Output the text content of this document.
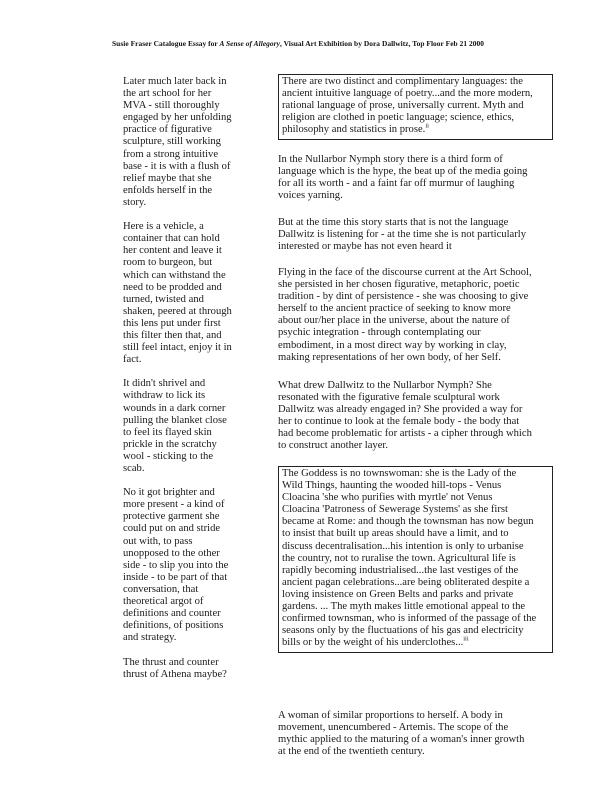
Susie Fraser Catalogue Essay for A Sense of Allegory, Visual Art Exhibition by Dora Dallwitz, Top Floor Feb 21 2000

Later much later back in
the art school for her
MVA - still thoroughly
engaged by her unfolding
practice of figurative
sculpture, still working
from a strong intuitive
base - it is with a flush of
relief maybe that she
enfolds herself in the
story.

Here is a vehicle, a
container that can hold
her content and leave it
room to burgeon, but
which can withstand the
need to be prodded and
turned, twisted and
shaken, peered at through
this lens put under first
this filter then that, and
still feel intact, enjoy it in
fact.

It didn't shrivel and
withdraw to lick its
wounds in a dark corner
pulling the blanket close
to feel its flayed skin
prickle in the scratchy
wool - sticking to the
scab.

No it got brighter and
more present - a kind of
protective garment she
could put on and stride
out with, to pass
unopposed to the other
side - to slip you into the
inside - to be part of that
conversation, that
theoretical argot of
definitions and counter
definitions, of positions
and strategy.

The thrust and counter
thrust of Athena maybe?

There are two distinct and complimentary languages: the
ancient intuitive language of poetry...and the more modern,
rational language of prose, universally current. Myth and
religion are clothed in poetic language; science, ethics,
philosophy and statistics in prose.$^{ii}$

In the Nullarbor Nymph story there is a third form of
language which is the hype, the beat up of the media going
for all its worth - and a faint far off murmur of laughing
voices yarning.

But at the time this story starts that is not the language
Dallwitz is listening for - at the time she is not particularly
interested or maybe has not even heard it

Flying in the face of the discourse current at the Art School,
she persisted in her chosen figurative, metaphoric, poetic
tradition - by dint of persistence - she was choosing to give
herself to the ancient practice of seeking to know more
about our/her place in the universe, about the nature of
psychic integration - through contemplating our
embodiment, in a most direct way by working in clay,
making representations of her own body, of her Self.

What drew Dallwitz to the Nullarbor Nymph? She
resonated with the figurative female sculptural work
Dallwitz was already engaged in? She provided a way for
her to continue to look at the female body - the body that
had become problematic for artists - a cipher through which
to construct another layer.

The Goddess is no townswoman: she is the Lady of the
Wild Things, haunting the wooded hill-tops - Venus
Cloacina 'she who purifies with myrtle' not Venus
Cloacina 'Patroness of Sewerage Systems' as she first
became at Rome: and though the townsman has now begun
to insist that built up areas should have a limit, and to
discuss decentralisation...his intention is only to urbanise
the country, not to ruralise the town. Agricultural life is
rapidly becoming industrialised...the last vestiges of the
ancient pagan celebrations...are being obliterated despite a
loving insistence on Green Belts and parks and private
gardens. ... The myth makes little emotional appeal to the
confirmed townsman, who is informed of the passage of the
seasons only by the fluctuations of his gas and electricity
bills or by the weight of his underclothes...$^{iii}$

A woman of similar proportions to herself. A body in
movement, unencumbered - Artemis. The scope of the
mythic applied to the maturing of a woman's inner growth
at the end of the twentieth century.
